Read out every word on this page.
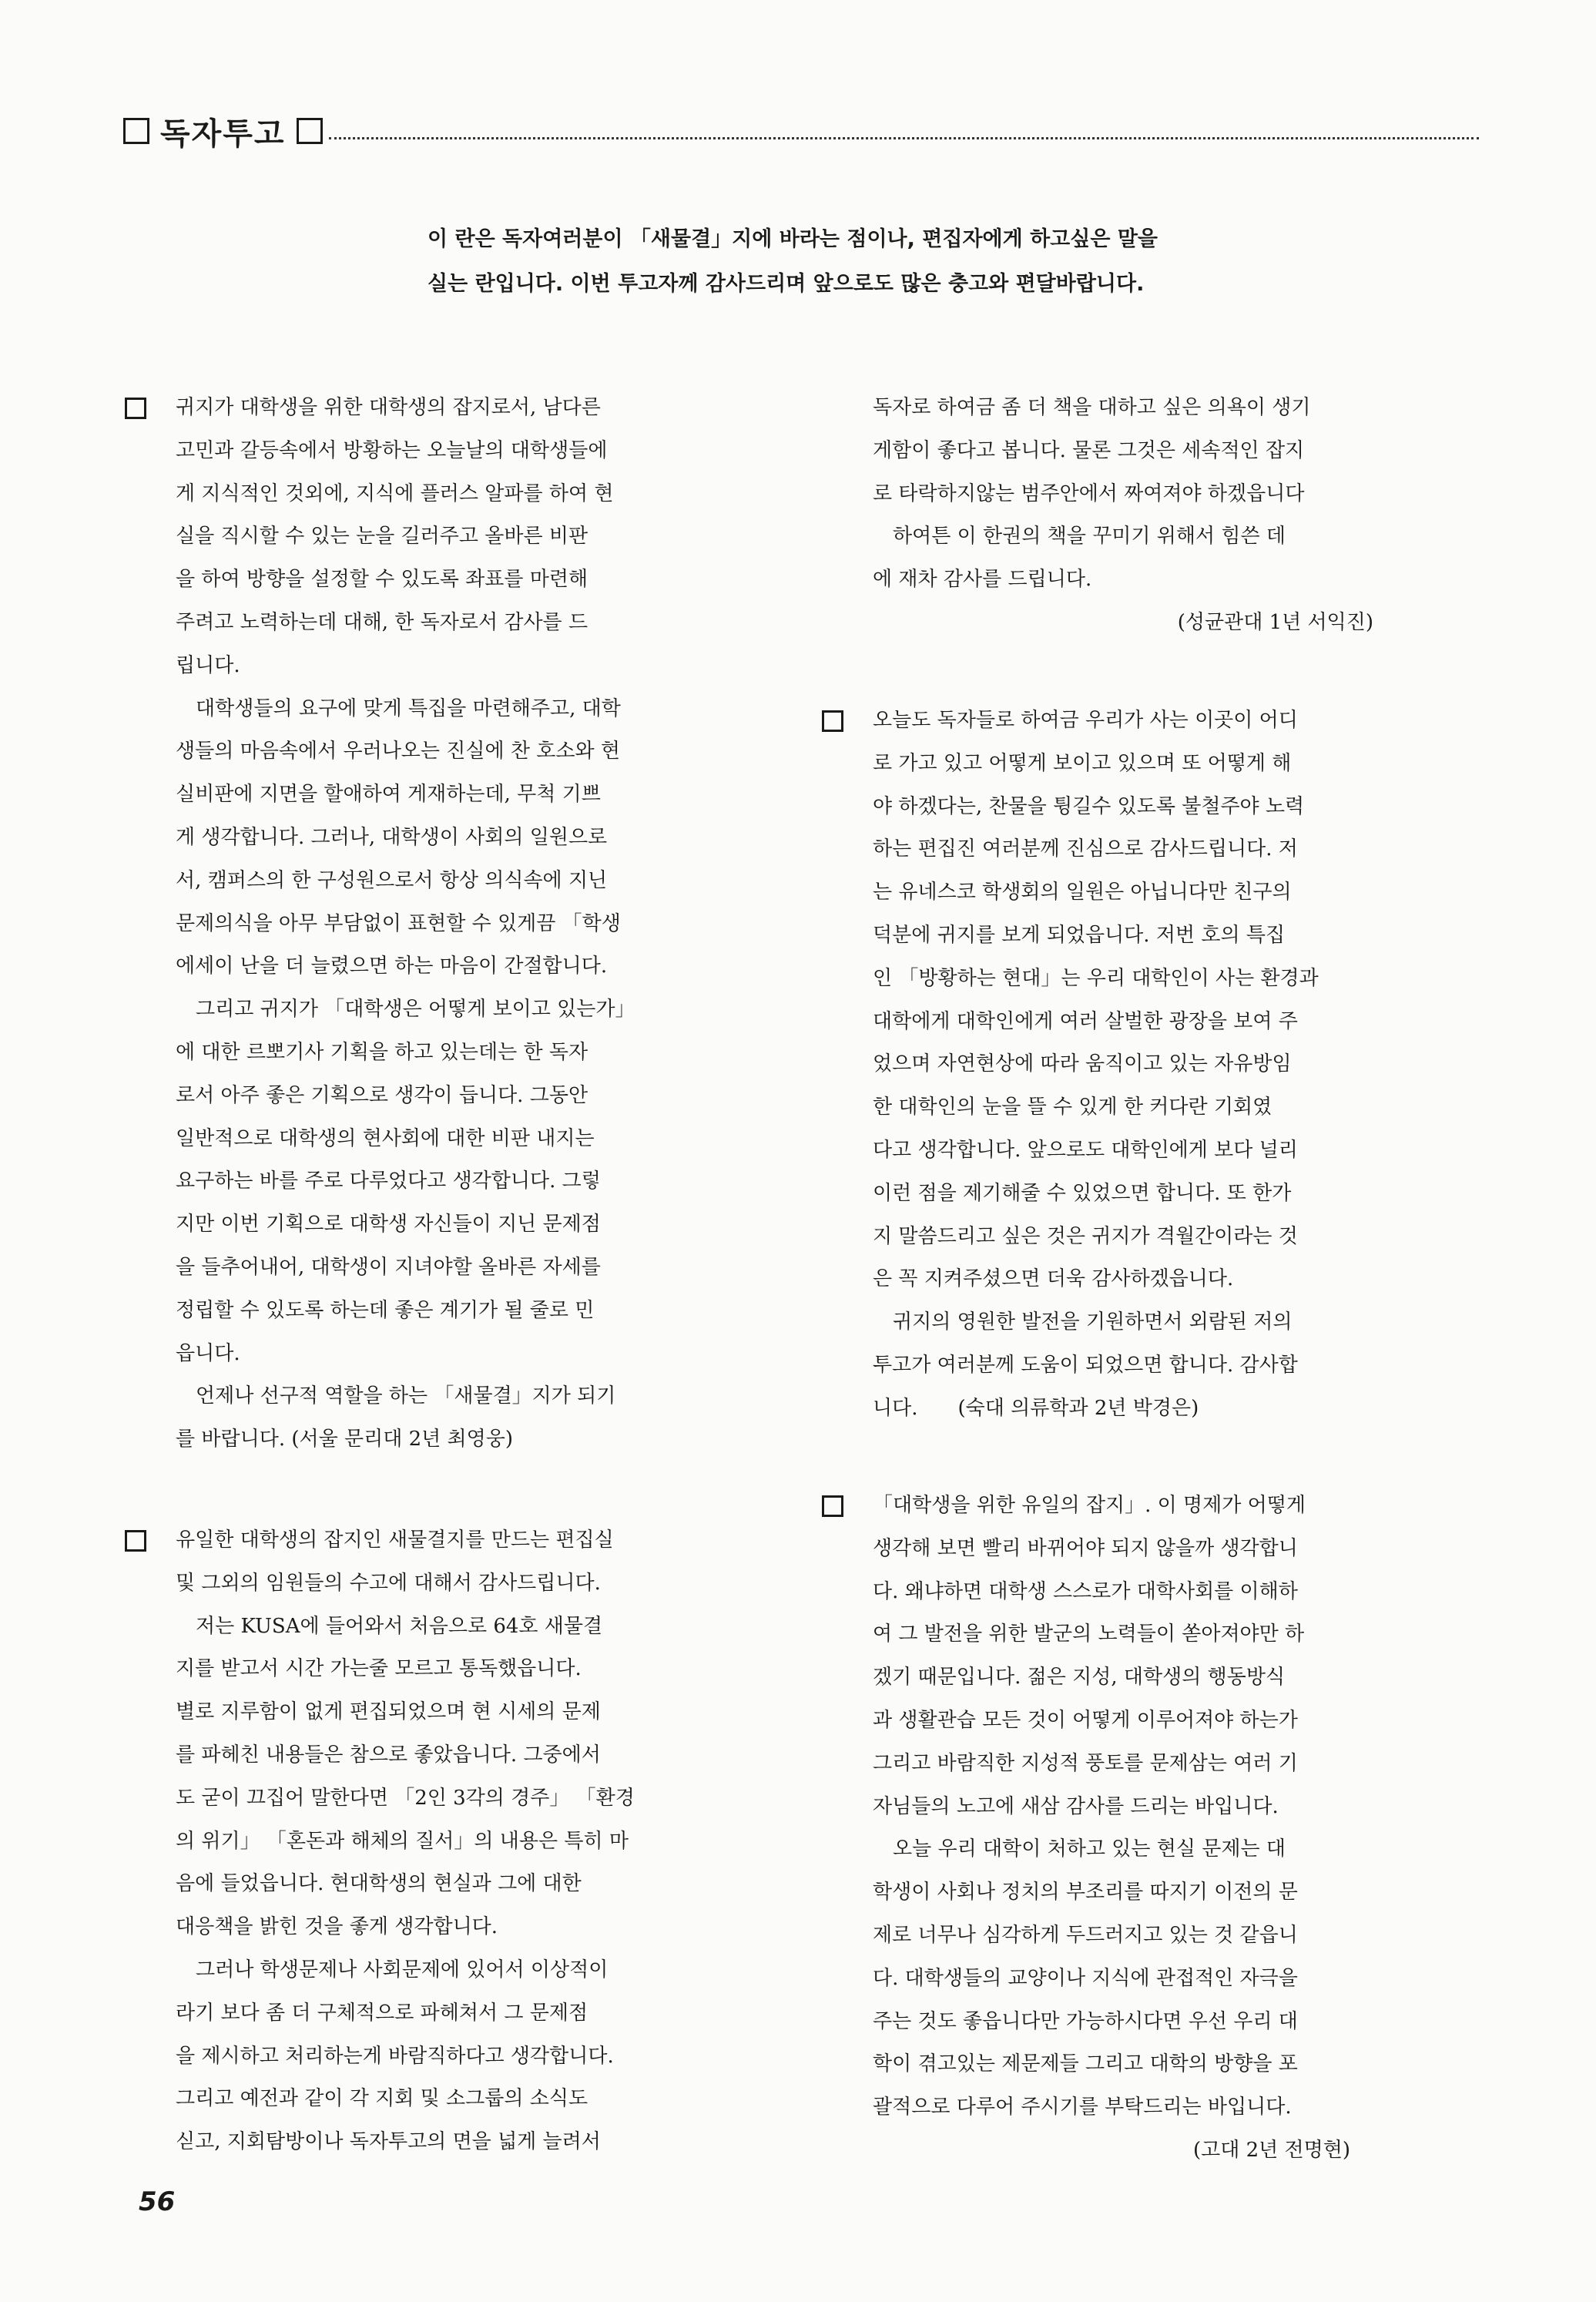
독자투고
이 란은 독자여러분이 「새물결」지에 바라는 점이나, 편집자에게 하고싶은 말을
실는 란입니다. 이번 투고자께 감사드리며 앞으로도 많은 충고와 편달바랍니다.
귀지가 대학생을 위한 대학생의 잡지로서, 남다른
고민과 갈등속에서 방황하는 오늘날의 대학생들에
게 지식적인 것외에, 지식에 플러스 알파를 하여 현
실을 직시할 수 있는 눈을 길러주고 올바른 비판
을 하여 방향을 설정할 수 있도록 좌표를 마련해
주려고 노력하는데 대해, 한 독자로서 감사를 드
립니다.
　대학생들의 요구에 맞게 특집을 마련해주고, 대학
생들의 마음속에서 우러나오는 진실에 찬 호소와 현
실비판에 지면을 할애하여 게재하는데, 무척 기쁘
게 생각합니다. 그러나, 대학생이 사회의 일원으로
서, 캠퍼스의 한 구성원으로서 항상 의식속에 지닌
문제의식을 아무 부담없이 표현할 수 있게끔 「학생
에세이 난을 더 늘렸으면 하는 마음이 간절합니다.
　그리고 귀지가 「대학생은 어떻게 보이고 있는가」
에 대한 르뽀기사 기획을 하고 있는데는 한 독자
로서 아주 좋은 기획으로 생각이 듭니다. 그동안
일반적으로 대학생의 현사회에 대한 비판 내지는
요구하는 바를 주로 다루었다고 생각합니다. 그렇
지만 이번 기획으로 대학생 자신들이 지닌 문제점
을 들추어내어, 대학생이 지녀야할 올바른 자세를
정립할 수 있도록 하는데 좋은 계기가 될 줄로 민
읍니다.
　언제나 선구적 역할을 하는 「새물결」지가 되기
를 바랍니다. (서울 문리대 2년 최영웅)
유일한 대학생의 잡지인 새물결지를 만드는 편집실
및 그외의 임원들의 수고에 대해서 감사드립니다.
　저는 KUSA에 들어와서 처음으로 64호 새물결
지를 받고서 시간 가는줄 모르고 통독했읍니다.
별로 지루함이 없게 편집되었으며 현 시세의 문제
를 파헤친 내용들은 참으로 좋았읍니다. 그중에서
도 굳이 끄집어 말한다면 「2인 3각의 경주」 「환경
의 위기」 「혼돈과 해체의 질서」의 내용은 특히 마
음에 들었읍니다. 현대학생의 현실과 그에 대한
대응책을 밝힌 것을 좋게 생각합니다.
　그러나 학생문제나 사회문제에 있어서 이상적이
라기 보다 좀 더 구체적으로 파헤쳐서 그 문제점
을 제시하고 처리하는게 바람직하다고 생각합니다.
그리고 예전과 같이 각 지회 및 소그룹의 소식도
싣고, 지회탐방이나 독자투고의 면을 넓게 늘려서
독자로 하여금 좀 더 책을 대하고 싶은 의욕이 생기
게함이 좋다고 봅니다. 물론 그것은 세속적인 잡지
로 타락하지않는 범주안에서 짜여져야 하겠읍니다
　하여튼 이 한권의 책을 꾸미기 위해서 힘쓴 데
에 재차 감사를 드립니다.
(성균관대 1년 서익진)
오늘도 독자들로 하여금 우리가 사는 이곳이 어디
로 가고 있고 어떻게 보이고 있으며 또 어떻게 해
야 하겠다는, 찬물을 튕길수 있도록 불철주야 노력
하는 편집진 여러분께 진심으로 감사드립니다. 저
는 유네스코 학생회의 일원은 아닙니다만 친구의
덕분에 귀지를 보게 되었읍니다. 저번 호의 특집
인 「방황하는 현대」는 우리 대학인이 사는 환경과
대학에게 대학인에게 여러 살벌한 광장을 보여 주
었으며 자연현상에 따라 움직이고 있는 자유방임
한 대학인의 눈을 뜰 수 있게 한 커다란 기회였
다고 생각합니다. 앞으로도 대학인에게 보다 널리
이런 점을 제기해줄 수 있었으면 합니다. 또 한가
지 말씀드리고 싶은 것은 귀지가 격월간이라는 것
은 꼭 지켜주셨으면 더욱 감사하겠읍니다.
　귀지의 영원한 발전을 기원하면서 외람된 저의
투고가 여러분께 도움이 되었으면 합니다. 감사합
니다.　　(숙대 의류학과 2년 박경은)
「대학생을 위한 유일의 잡지」. 이 명제가 어떻게
생각해 보면 빨리 바뀌어야 되지 않을까 생각합니
다. 왜냐하면 대학생 스스로가 대학사회를 이해하
여 그 발전을 위한 발군의 노력들이 쏟아져야만 하
겠기 때문입니다. 젊은 지성, 대학생의 행동방식
과 생활관습 모든 것이 어떻게 이루어져야 하는가
그리고 바람직한 지성적 풍토를 문제삼는 여러 기
자님들의 노고에 새삼 감사를 드리는 바입니다.
　오늘 우리 대학이 처하고 있는 현실 문제는 대
학생이 사회나 정치의 부조리를 따지기 이전의 문
제로 너무나 심각하게 두드러지고 있는 것 같읍니
다. 대학생들의 교양이나 지식에 관접적인 자극을
주는 것도 좋읍니다만 가능하시다면 우선 우리 대
학이 겪고있는 제문제들 그리고 대학의 방향을 포
괄적으로 다루어 주시기를 부탁드리는 바입니다.
(고대 2년 전명현)
56
